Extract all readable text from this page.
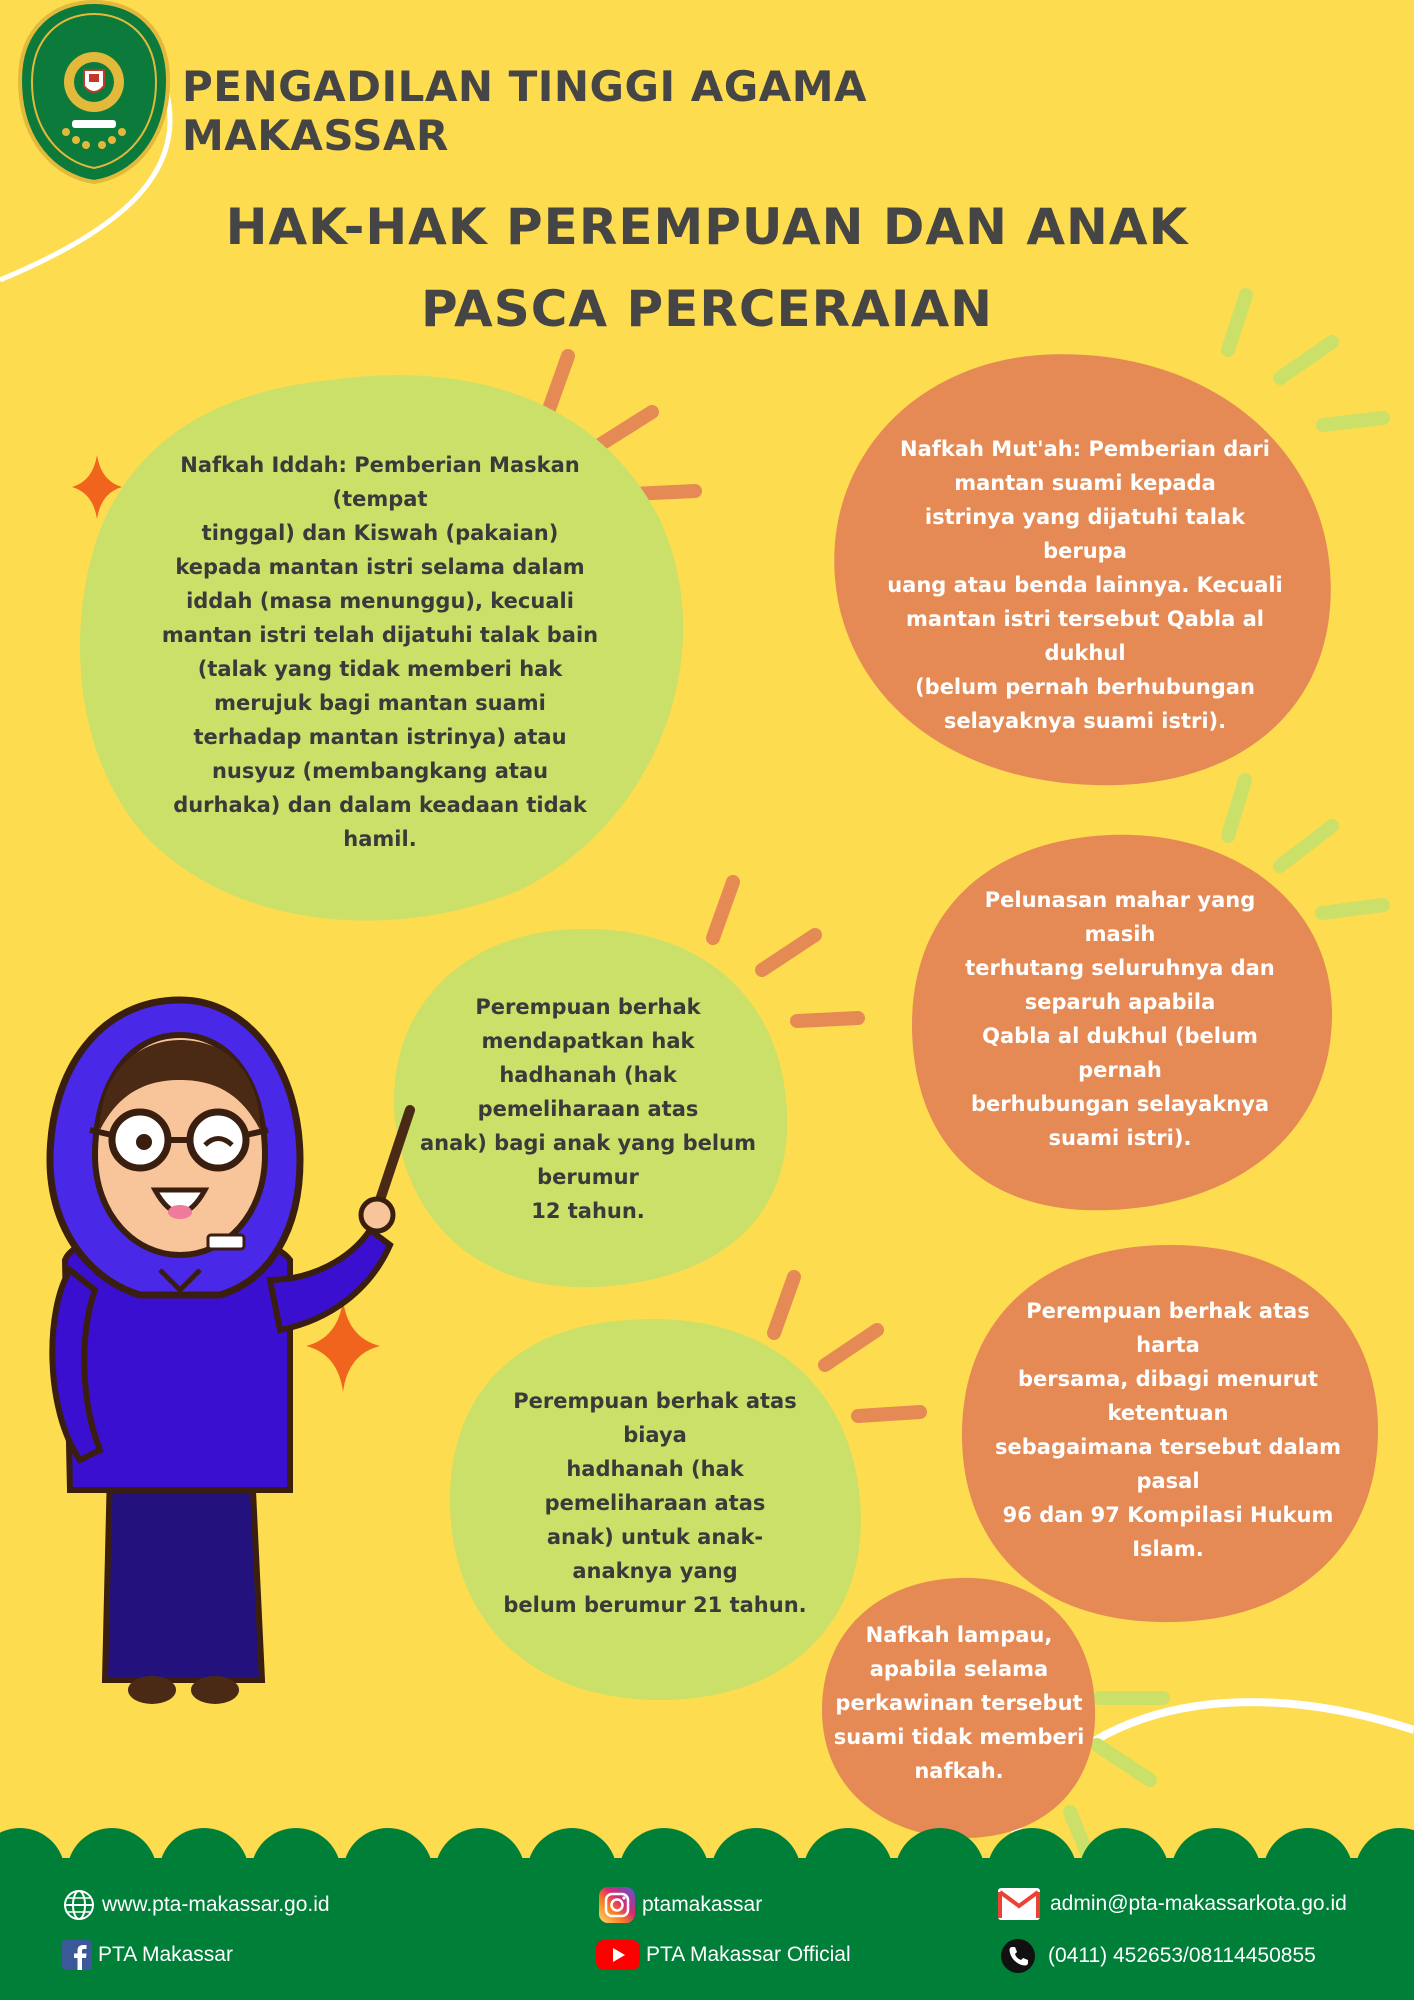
PENGADILAN TINGGI AGAMA MAKASSAR
HAK-HAK PEREMPUAN DAN ANAK
PASCA PERCERAIAN
Nafkah Iddah: Pemberian Maskan
(tempat
tinggal) dan Kiswah (pakaian)
kepada mantan istri selama dalam
iddah (masa menunggu), kecuali
mantan istri telah dijatuhi talak bain
(talak yang tidak memberi hak
merujuk bagi mantan suami
terhadap mantan istrinya) atau
nusyuz (membangkang atau
durhaka) dan dalam keadaan tidak
hamil.
Nafkah Mut'ah: Pemberian dari
mantan suami kepada
istrinya yang dijatuhi talak
berupa
uang atau benda lainnya. Kecuali
mantan istri tersebut Qabla al
dukhul
(belum pernah berhubungan
selayaknya suami istri).
Pelunasan mahar yang
masih
terhutang seluruhnya dan
separuh apabila
Qabla al dukhul (belum
pernah
berhubungan selayaknya
suami istri).
Perempuan berhak
mendapatkan hak
hadhanah (hak
pemeliharaan atas
anak) bagi anak yang belum
berumur
12 tahun.
Perempuan berhak atas
harta
bersama, dibagi menurut
ketentuan
sebagaimana tersebut dalam
pasal
96 dan 97 Kompilasi Hukum
Islam.
Perempuan berhak atas
biaya
hadhanah (hak
pemeliharaan atas
anak) untuk anak-
anaknya yang
belum berumur 21 tahun.
Nafkah lampau,
apabila selama
perkawinan tersebut
suami tidak memberi
nafkah.
www.pta-makassar.go.id
PTA Makassar
ptamakassar
PTA Makassar Official
admin@pta-makassarkota.go.id
(0411) 452653/08114450855
